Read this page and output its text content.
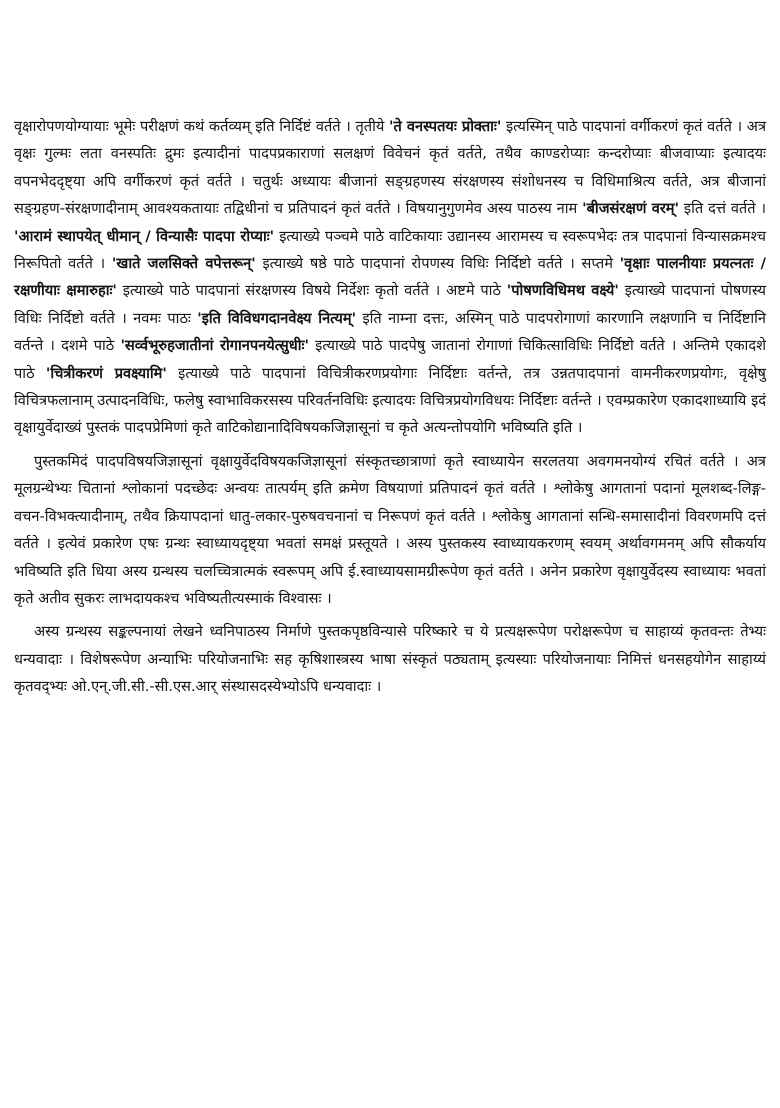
वृक्षारोपणयोग्यायाः भूमेः परीक्षणं कथं कर्तव्यम् इति निर्दिष्टं वर्तते । तृतीये 'ते वनस्पतयः प्रोक्ताः' इत्यस्मिन् पाठे पादपानां वर्गीकरणं कृतं वर्तते । अत्र वृक्षः गुल्मः लता वनस्पतिः द्रुमः इत्यादीनां पादपप्रकाराणां सलक्षणं विवेचनं कृतं वर्तते, तथैव काण्डरोप्याः कन्दरोप्याः बीजवाप्याः इत्यादयः वपनभेददृष्ट्या अपि वर्गीकरणं कृतं वर्तते । चतुर्थः अध्यायः बीजानां सङ्ग्रहणस्य संरक्षणस्य संशोधनस्य च विधिमाश्रित्य वर्तते, अत्र बीजानां सङ्ग्रहण-संरक्षणादीनाम् आवश्यकतायाः तद्विधीनां च प्रतिपादनं कृतं वर्तते । विषयानुगुणमेव अस्य पाठस्य नाम 'बीजसंरक्षणं वरम्' इति दत्तं वर्तते । 'आरामं स्थापयेत् धीमान् / विन्यासैः पादपा रोप्याः' इत्याख्ये पञ्चमे पाठे वाटिकायाः उद्यानस्य आरामस्य च स्वरूपभेदः तत्र पादपानां विन्यासक्रमश्च निरूपितो वर्तते । 'खाते जलसिक्ते वपेत्तरून्' इत्याख्ये षष्ठे पाठे पादपानां रोपणस्य विधिः निर्दिष्टो वर्तते । सप्तमे 'वृक्षाः पालनीयाः प्रयत्नतः / रक्षणीयाः क्षमारुहाः' इत्याख्ये पाठे पादपानां संरक्षणस्य विषये निर्देशः कृतो वर्तते । अष्टमे पाठे 'पोषणविधिमथ वक्ष्ये' इत्याख्ये पादपानां पोषणस्य विधिः निर्दिष्टो वर्तते । नवमः पाठः 'इति विविधगदानवेक्ष्य नित्यम्' इति नाम्ना दत्तः, अस्मिन् पाठे पादपरोगाणां कारणानि लक्षणानि च निर्दिष्टानि वर्तन्ते । दशमे पाठे 'सर्व्वभूरुहजातीनां रोगानपनयेत्सुधीः' इत्याख्ये पाठे पादपेषु जातानां रोगाणां चिकित्साविधिः निर्दिष्टो वर्तते । अन्तिमे एकादशे पाठे 'चित्रीकरणं प्रवक्ष्यामि' इत्याख्ये पाठे पादपानां विचित्रीकरणप्रयोगाः निर्दिष्टाः वर्तन्ते, तत्र उन्नतपादपानां वामनीकरणप्रयोगः, वृक्षेषु विचित्रफलानाम् उत्पादनविधिः, फलेषु स्वाभाविकरसस्य परिवर्तनविधिः इत्यादयः विचित्रप्रयोगविधयः निर्दिष्टाः वर्तन्ते । एवम्प्रकारेण एकादशाध्यायि इदं वृक्षायुर्वेदाख्यं पुस्तकं पादपप्रेमिणां कृते वाटिकोद्यानादिविषयकजिज्ञासूनां च कृते अत्यन्तोपयोगि भविष्यति इति ।

पुस्तकमिदं पादपविषयजिज्ञासूनां वृक्षायुर्वेदविषयकजिज्ञासूनां संस्कृतच्छात्राणां कृते स्वाध्यायेन सरलतया अवगमनयोग्यं रचितं वर्तते । अत्र मूलग्रन्थेभ्यः चितानां श्लोकानां पदच्छेदः अन्वयः तात्पर्यम् इति क्रमेण विषयाणां प्रतिपादनं कृतं वर्तते । श्लोकेषु आगतानां पदानां मूलशब्द-लिङ्ग-वचन-विभक्त्यादीनाम्, तथैव क्रियापदानां धातु-लकार-पुरुषवचनानां च निरूपणं कृतं वर्तते । श्लोकेषु आगतानां सन्धि-समासादीनां विवरणमपि दत्तं वर्तते । इत्येवं प्रकारेण एषः ग्रन्थः स्वाध्यायदृष्ट्या भवतां समक्षं प्रस्तूयते । अस्य पुस्तकस्य स्वाध्यायकरणम् स्वयम् अर्थावगमनम् अपि सौकर्याय भविष्यति इति धिया अस्य ग्रन्थस्य चलच्चित्रात्मकं स्वरूपम् अपि ई.स्वाध्यायसामग्रीरूपेण कृतं वर्तते । अनेन प्रकारेण वृक्षायुर्वेदस्य स्वाध्यायः भवतां कृते अतीव सुकरः लाभदायकश्च भविष्यतीत्यस्माकं विश्वासः ।

अस्य ग्रन्थस्य सङ्कल्पनायां लेखने ध्वनिपाठस्य निर्माणे पुस्तकपृष्ठविन्यासे परिष्कारे च ये प्रत्यक्षरूपेण परोक्षरूपेण च साहाय्यं कृतवन्तः तेभ्यः धन्यवादाः । विशेषरूपेण अन्याभिः परियोजनाभिः सह कृषिशास्त्रस्य भाषा संस्कृतं पठ्यताम् इत्यस्याः परियोजनायाः निमित्तं धनसहयोगेन साहाय्यं कृतवद्भ्यः ओ.एन्.जी.सी.-सी.एस.आर् संस्थासदस्येभ्योऽपि धन्यवादाः ।
